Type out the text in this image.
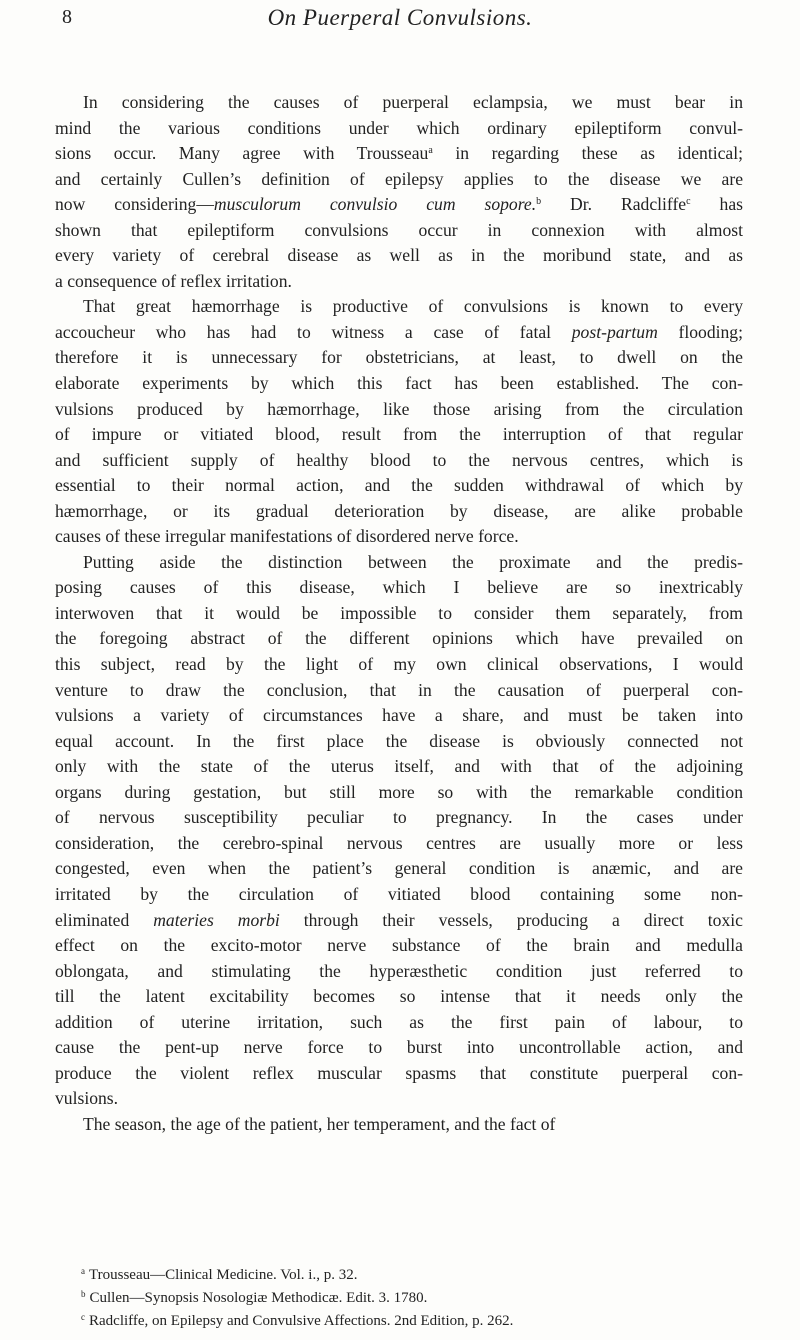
8	On Puerperal Convulsions.
In considering the causes of puerperal eclampsia, we must bear in
mind the various conditions under which ordinary epileptiform convul-
sions occur. Many agree with Trousseau$^a$ in regarding these as identical;
and certainly Cullen’s definition of epilepsy applies to the disease we are
now considering—musculorum convulsio cum sopore.$^b$ Dr. Radcliffe$^c$ has
shown that epileptiform convulsions occur in connexion with almost
every variety of cerebral disease as well as in the moribund state, and as
a consequence of reflex irritation.
That great hæmorrhage is productive of convulsions is known to every
accoucheur who has had to witness a case of fatal post-partum flooding;
therefore it is unnecessary for obstetricians, at least, to dwell on the
elaborate experiments by which this fact has been established. The con-
vulsions produced by hæmorrhage, like those arising from the circulation
of impure or vitiated blood, result from the interruption of that regular
and sufficient supply of healthy blood to the nervous centres, which is
essential to their normal action, and the sudden withdrawal of which by
hæmorrhage, or its gradual deterioration by disease, are alike probable
causes of these irregular manifestations of disordered nerve force.
Putting aside the distinction between the proximate and the predis-
posing causes of this disease, which I believe are so inextricably
interwoven that it would be impossible to consider them separately, from
the foregoing abstract of the different opinions which have prevailed on
this subject, read by the light of my own clinical observations, I would
venture to draw the conclusion, that in the causation of puerperal con-
vulsions a variety of circumstances have a share, and must be taken into
equal account. In the first place the disease is obviously connected not
only with the state of the uterus itself, and with that of the adjoining
organs during gestation, but still more so with the remarkable condition
of nervous susceptibility peculiar to pregnancy. In the cases under
consideration, the cerebro-spinal nervous centres are usually more or less
congested, even when the patient’s general condition is anæmic, and are
irritated by the circulation of vitiated blood containing some non-
eliminated materies morbi through their vessels, producing a direct toxic
effect on the excito-motor nerve substance of the brain and medulla
oblongata, and stimulating the hyperæsthetic condition just referred to
till the latent excitability becomes so intense that it needs only the
addition of uterine irritation, such as the first pain of labour, to
cause the pent-up nerve force to burst into uncontrollable action, and
produce the violent reflex muscular spasms that constitute puerperal con-
vulsions.
The season, the age of the patient, her temperament, and the fact of
$^a$ Trousseau—Clinical Medicine. Vol. i., p. 32.
$^b$ Cullen—Synopsis Nosologiæ Methodicæ. Edit. 3. 1780.
$^c$ Radcliffe, on Epilepsy and Convulsive Affections. 2nd Edition, p. 262.
